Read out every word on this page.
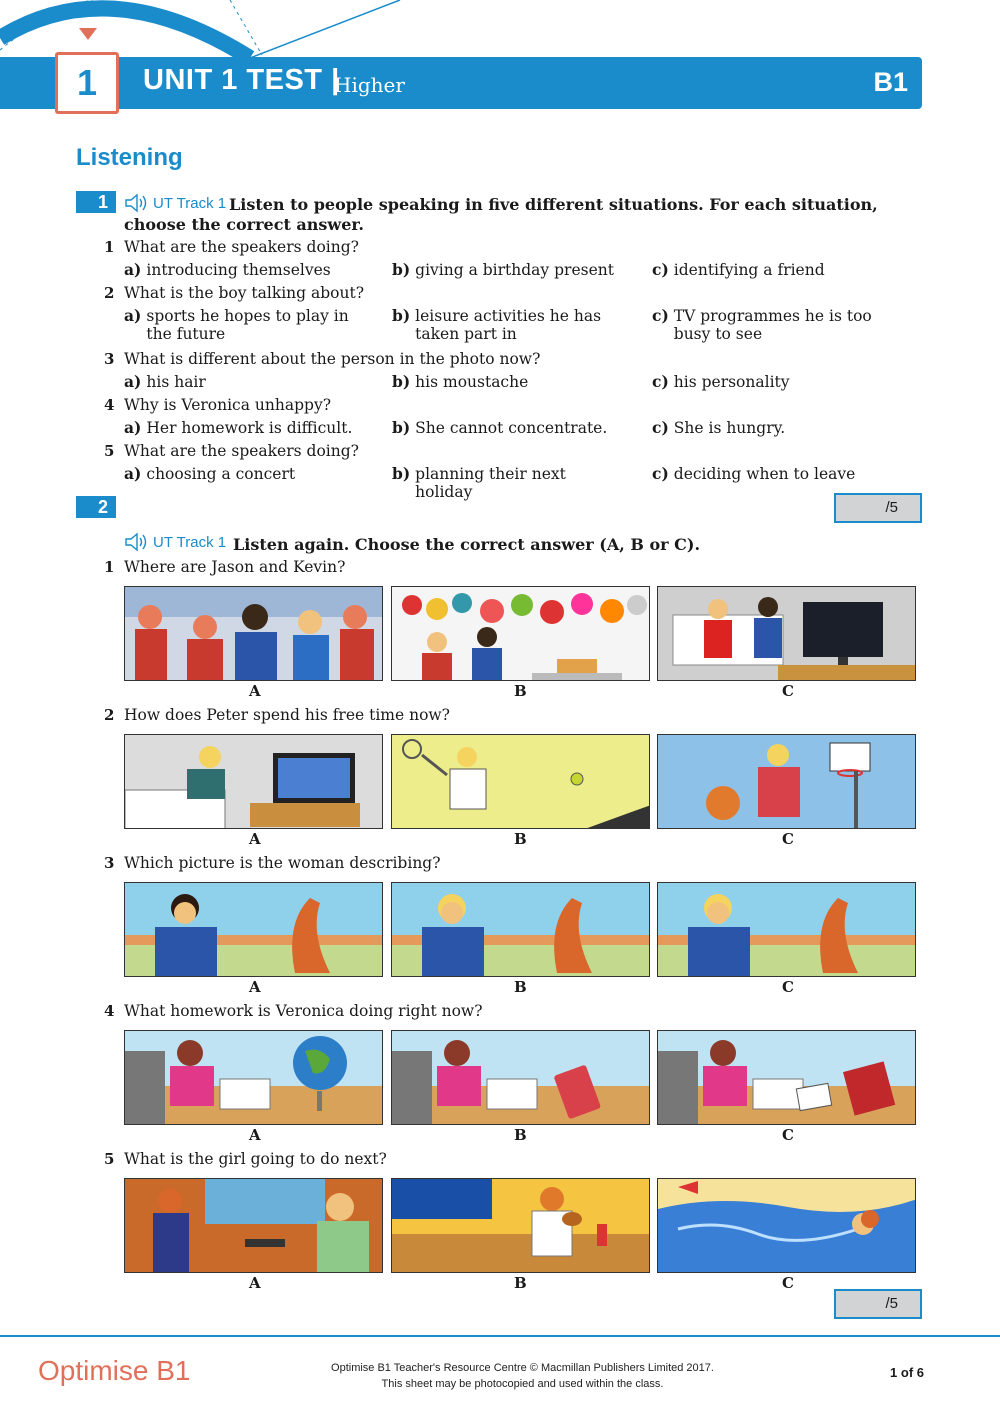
1	UNIT 1 TEST |
Higher	B1
Listening
1	UT Track 1 Listen to people speaking in five different situations. For each situation, choose the correct answer.
1 What are the speakers doing?
a) introducing themselves	b) giving a birthday present c) identifying a friend
2 What is the boy talking about?
a) sports he hopes to play in the future
b) leisure activities he has taken part in
c) TV programmes he is too busy to see
3 What is different about the person in the photo now?
a) his hair	b) his moustache	c) his personality
4 Why is Veronica unhappy?
a) Her homework is difficult.	b) She cannot concentrate.	c) She is hungry.
5 What are the speakers doing?
a) choosing a concert	b) planning their next holiday
c) deciding when to leave
/5
2
UT Track 1 Listen again. Choose the correct answer (A, B or C).
1 Where are Jason and Kevin?
A	B	C
2 How does Peter spend his free time now?
A	B	C
3 Which picture is the woman describing?
A	B	C
4 What homework is Veronica doing right now?
A	B	C
5 What is the girl going to do next?
A	B	C
/5
Optimise B1	Optimise B1 Teacher's Resource Centre © Macmillan Publishers Limited 2017.
This sheet may be photocopied and used within the class.
1 of 6
